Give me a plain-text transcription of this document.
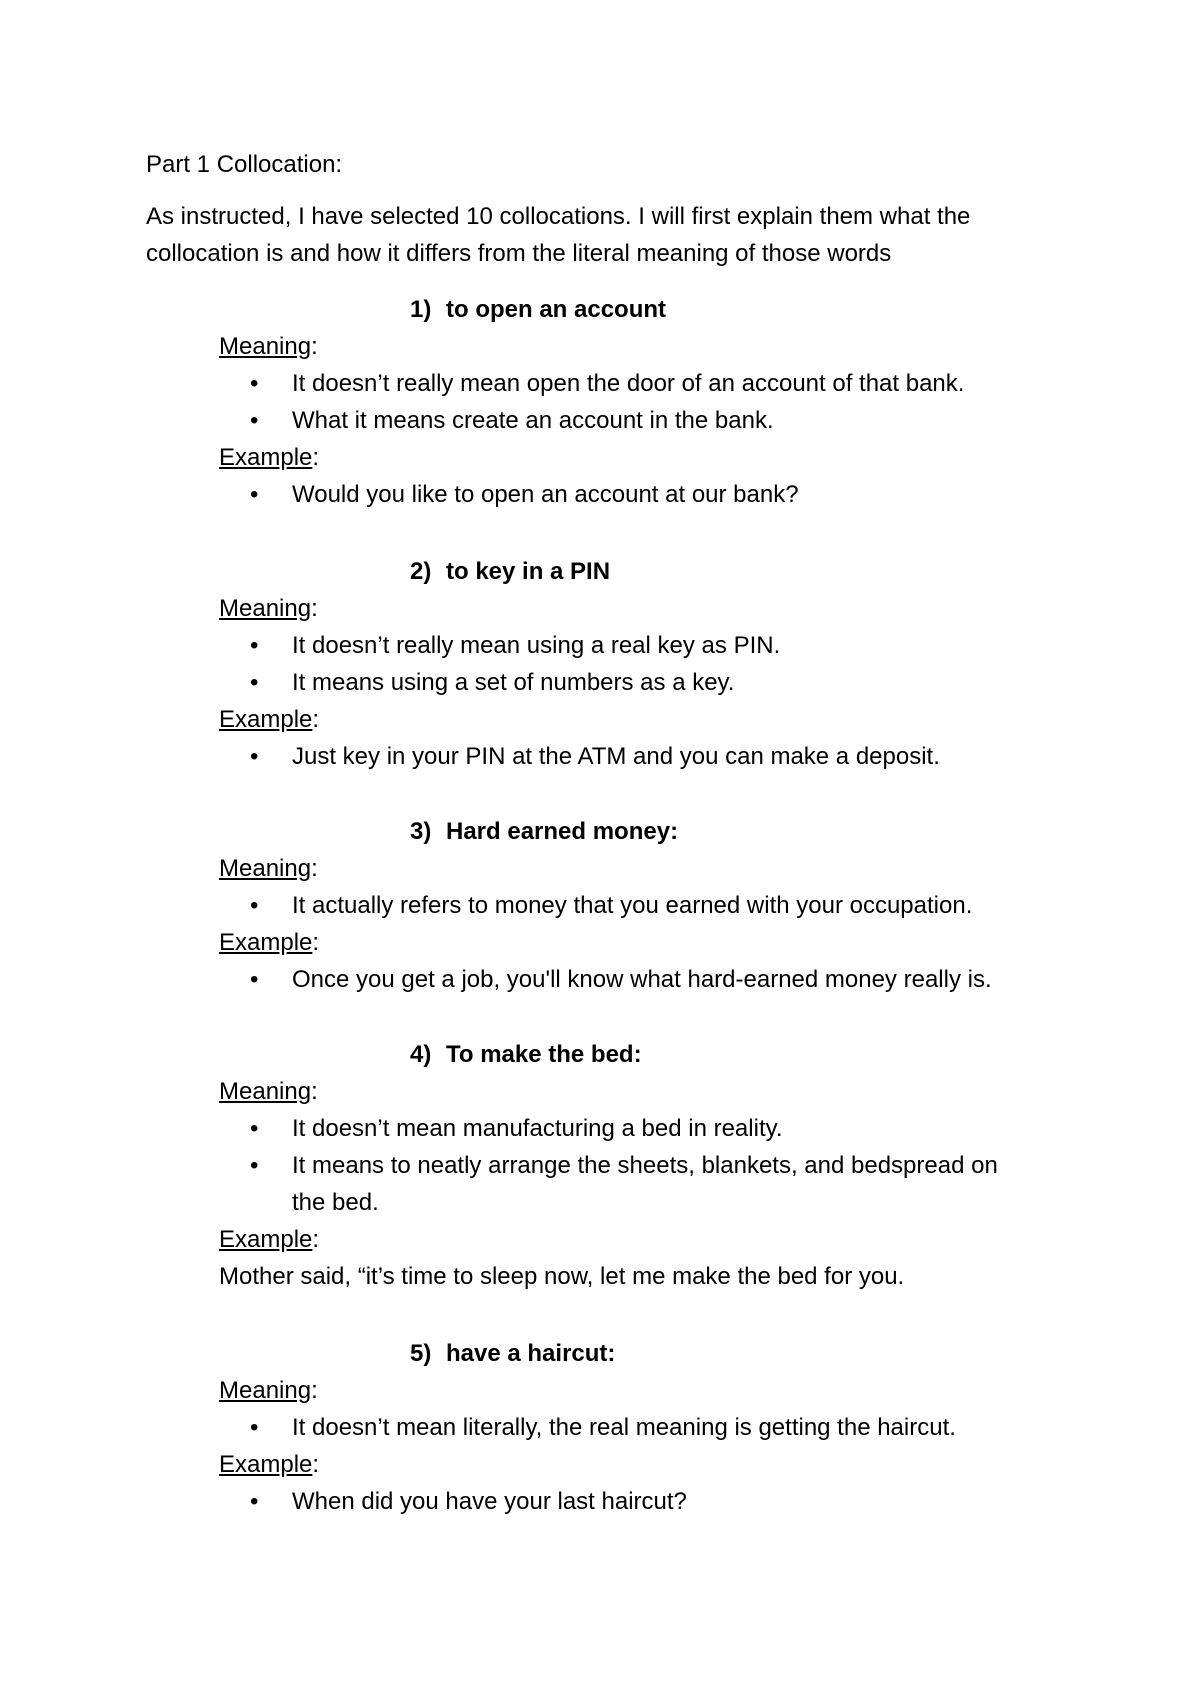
Part 1 Collocation:

As instructed, I have selected 10 collocations. I will first explain them what the
collocation is and how it differs from the literal meaning of those words

1) to open an account
Meaning:
• It doesn’t really mean open the door of an account of that bank.
• What it means create an account in the bank.
Example:
• Would you like to open an account at our bank?
2) to key in a PIN
Meaning:
• It doesn’t really mean using a real key as PIN.
• It means using a set of numbers as a key.
Example:
• Just key in your PIN at the ATM and you can make a deposit.
3) Hard earned money:
Meaning:
• It actually refers to money that you earned with your occupation.
Example:
• Once you get a job, you'll know what hard-earned money really is.
4) To make the bed:
Meaning:
• It doesn’t mean manufacturing a bed in reality.
• It means to neatly arrange the sheets, blankets, and bedspread on
the bed.
Example:
Mother said, “it’s time to sleep now, let me make the bed for you.
5) have a haircut:
Meaning:
• It doesn’t mean literally, the real meaning is getting the haircut.
Example:
• When did you have your last haircut?
